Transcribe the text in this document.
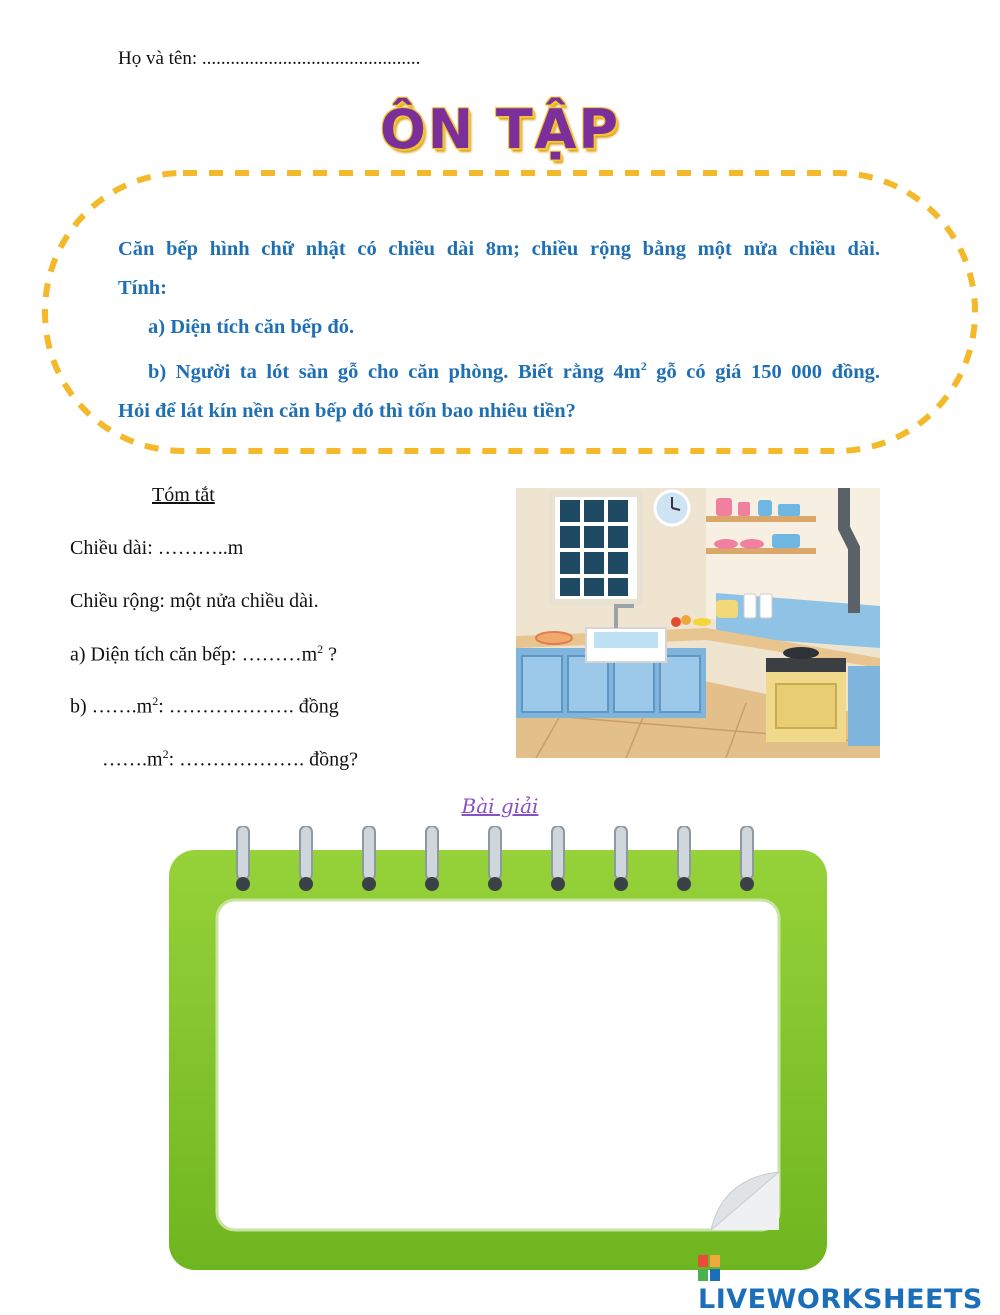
Họ và tên: ..............................................
ÔN TẬP

Căn bếp hình chữ nhật có chiều dài 8m; chiều rộng bằng một nửa chiều dài.

Tính:

a) Diện tích căn bếp đó.

b) Người ta lót sàn gỗ cho căn phòng. Biết rằng $4m^2$ gỗ có giá 150 000 đồng.

Hỏi để lát kín nền căn bếp đó thì tốn bao nhiêu tiền?

Tóm tắt
Chiều dài: ………..m
Chiều rộng: một nửa chiều dài.
a) Diện tích căn bếp: $\dots\dots\dots m^2$ ?
b) $\dots\dots.m^2$: ………………. đồng
$\dots\dots.m^2$: ………………. đồng?
Bài giải
LIVEWORKSHEETS
